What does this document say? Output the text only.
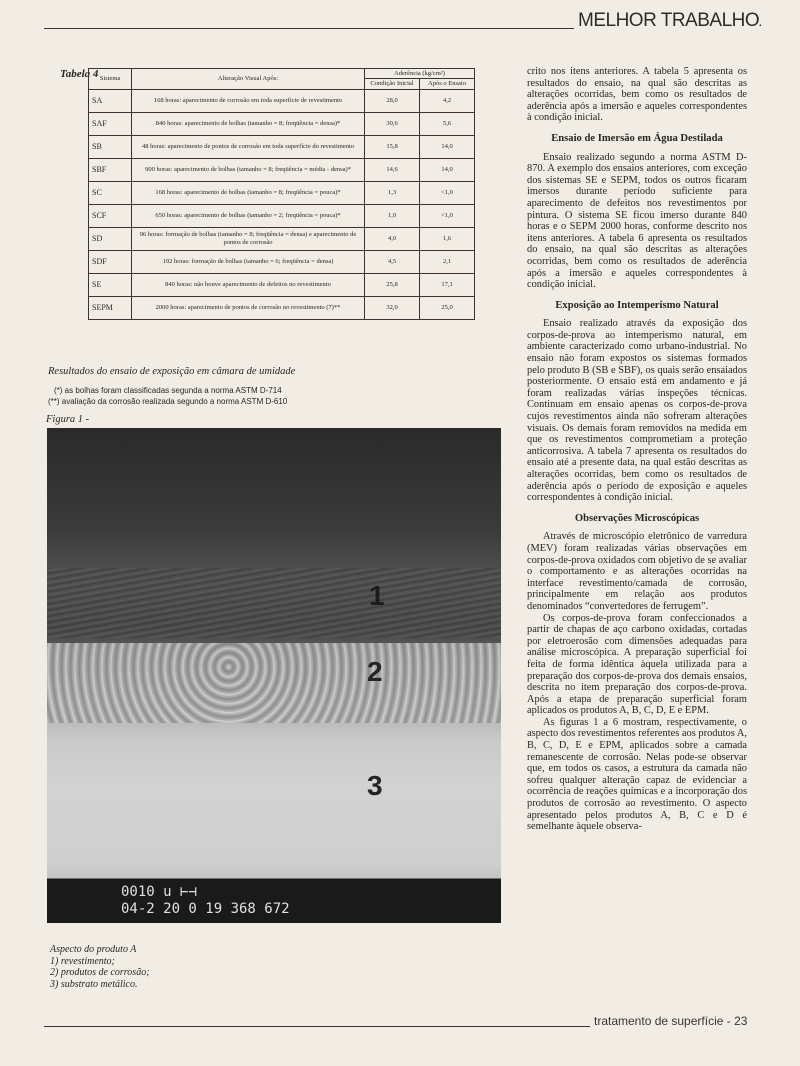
MELHOR TRABALHO
·
Tabela 4 Sistema	Alteração Visual Após:	Aderência (kg/cm²)	
		Condição Inicial	Após o Ensaio
SA	168 horas: aparecimento de corrosão em toda superfície de revestimento	28,0	4,2
SAF	840 horas: aparecimento de bolhas (tamanho = 8; freqüência = densa)*	30,6	5,6
SB	48 horas: aparecimento de pontos de corrosão em toda superfície do revestimento	15,8	14,0
SBF	900 horas: aparecimento de bolhas (tamanho = 8; freqüência = média - densa)*	14,6	14,0
SC	168 horas: aparecimento de bolhas (tamanho = 8; freqüência = pouca)*	1,3	<1,0
SCF	650 horas: aparecimento de bolhas (tamanho = 2; freqüência = pouca)*	1,0	<1,0
SD	96 horas: formação de bolhas (tamanho = 8; freqüência = densa) e aparecimento de pontos de corrosão	4,0	1,6
SDF	192 horas: formação de bolhas (tamanho = 6; freqüência = densa)	4,5	2,1
SE	840 horas: não houve aparecimento de defeitos no revestimento	25,8	17,1
SEPM	2000 horas: aparecimento de pontos de corrosão no revestimento (7)**	32,0	25,0
Resultados do ensaio de exposição em câmara de umidade
(*) as bolhas foram classificadas segunda a norma ASTM D-714
(**) avaliação da corrosão realizada segundo a norma ASTM D-610
Figura 1 -
1
2
3
0010 u ⊢⊣
04-2 20 0 19 368 672
Aspecto do produto A
1) revestimento;
2) produtos de corrosão;
3) substrato metálico.

crito nos itens anteriores. A tabela 5 apresenta os resultados do ensaio, na qual são descritas as alterações ocorridas, bem como os resultados de aderência após a imersão e aqueles correspondentes à condição inicial.

Ensaio de Imersão em Água Destilada

Ensaio realizado segundo a norma ASTM D-870. A exemplo dos ensaios anteriores, com exceção dos sistemas SE e SEPM, todos os outros ficaram imersos durante período suficiente para aparecimento de defeitos nos revestimentos por pintura. O sistema SE ficou imerso durante 840 horas e o SEPM 2000 horas, conforme descrito nos itens anteriores. A tabela 6 apresenta os resultados do ensaio, na qual são descritas as alterações ocorridas, bem como os resultados de aderência após a imersão e aqueles correspondentes à condição inicial.

Exposição ao Intemperismo Natural

Ensaio realizado através da exposição dos corpos-de-prova ao intemperismo natural, em ambiente caracterizado como urbano-industrial. No ensaio não foram expostos os sistemas formados pelo produto B (SB e SBF), os quais serão ensaiados posteriormente. O ensaio está em andamento e já foram realizadas várias inspeções técnicas. Continuam em ensaio apenas os corpos-de-prova cujos revestimentos ainda não sofreram alterações visuais. Os demais foram removidos na medida em que os revestimentos comprometiam a proteção anticorrosiva. A tabela 7 apresenta os resultados do ensaio até a presente data, na qual estão descritas as alterações ocorridas, bem como os resultados de aderência após o período de exposição e aqueles correspondentes à condição inicial.

Observações Microscópicas

Através de microscópio eletrônico de varredura (MEV) foram realizadas várias observações em corpos-de-prova oxidados com objetivo de se avaliar o comportamento e as alterações ocorridas na interface revestimento/camada de corrosão, principalmente em relação aos produtos denominados “convertedores de ferrugem”.

Os corpos-de-prova foram confeccionados a partir de chapas de aço carbono oxidadas, cortadas por eletroerosão com dimensões adequadas para análise microscópica. A preparação superficial foi feita de forma idêntica àquela utilizada para a preparação dos corpos-de-prova dos demais ensaios, descrita no item preparação dos corpos-de-prova. Após a etapa de preparação superficial foram aplicados os produtos A, B, C, D, E e EPM.

As figuras 1 a 6 mostram, respectivamente, o aspecto dos revestimentos referentes aos produtos A, B, C, D, E e EPM, aplicados sobre a camada remanescente de corrosão. Nelas pode-se observar que, em todos os casos, a estrutura da camada não sofreu qualquer alteração capaz de evidenciar a ocorrência de reações químicas e a incorporação dos produtos de corrosão ao revestimento. O aspecto apresentado pelos produtos A, B, C e D é semelhante àquele observa-

tratamento de superfície - 23
